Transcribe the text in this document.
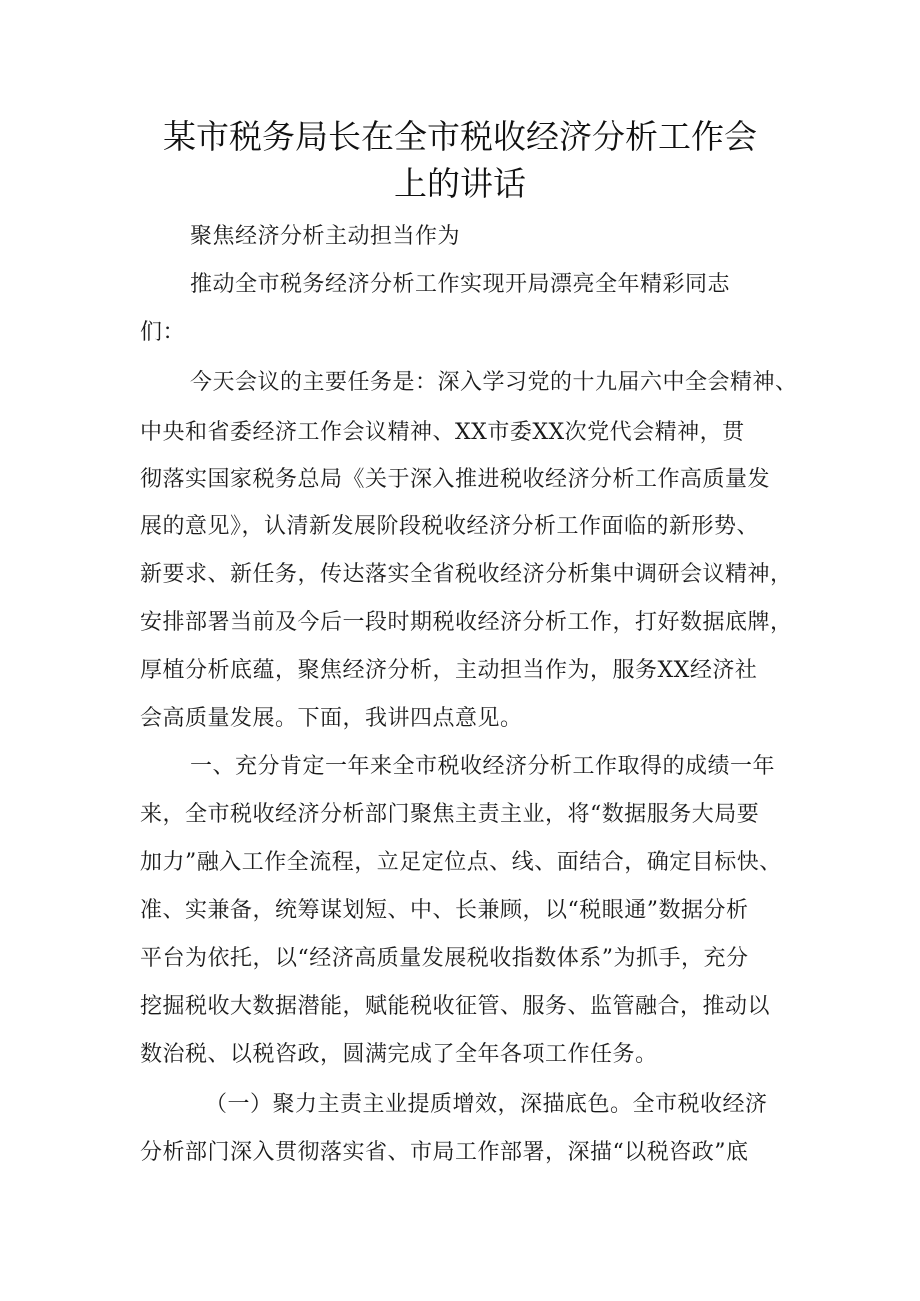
某市税务局长在全市税收经济分析工作会
上的讲话
聚焦经济分析主动担当作为
推动全市税务经济分析工作实现开局漂亮全年精彩同志
们：
今天会议的主要任务是：深入学习党的十九届六中全会精神、
中央和省委经济工作会议精神、XX市委XX次党代会精神，贯
彻落实国家税务总局《关于深入推进税收经济分析工作高质量发
展的意见》，认清新发展阶段税收经济分析工作面临的新形势、
新要求、新任务，传达落实全省税收经济分析集中调研会议精神，
安排部署当前及今后一段时期税收经济分析工作，打好数据底牌，
厚植分析底蕴，聚焦经济分析，主动担当作为，服务XX经济社
会高质量发展。下面，我讲四点意见。
一、充分肯定一年来全市税收经济分析工作取得的成绩一年
来，全市税收经济分析部门聚焦主责主业，将“数据服务大局要
加力”融入工作全流程，立足定位点、线、面结合，确定目标快、
准、实兼备，统筹谋划短、中、长兼顾，以“税眼通”数据分析
平台为依托，以“经济高质量发展税收指数体系”为抓手，充分
挖掘税收大数据潜能，赋能税收征管、服务、监管融合，推动以
数治税、以税咨政，圆满完成了全年各项工作任务。
（一）聚力主责主业提质增效，深描底色。全市税收经济
分析部门深入贯彻落实省、市局工作部署，深描“以税咨政”底
